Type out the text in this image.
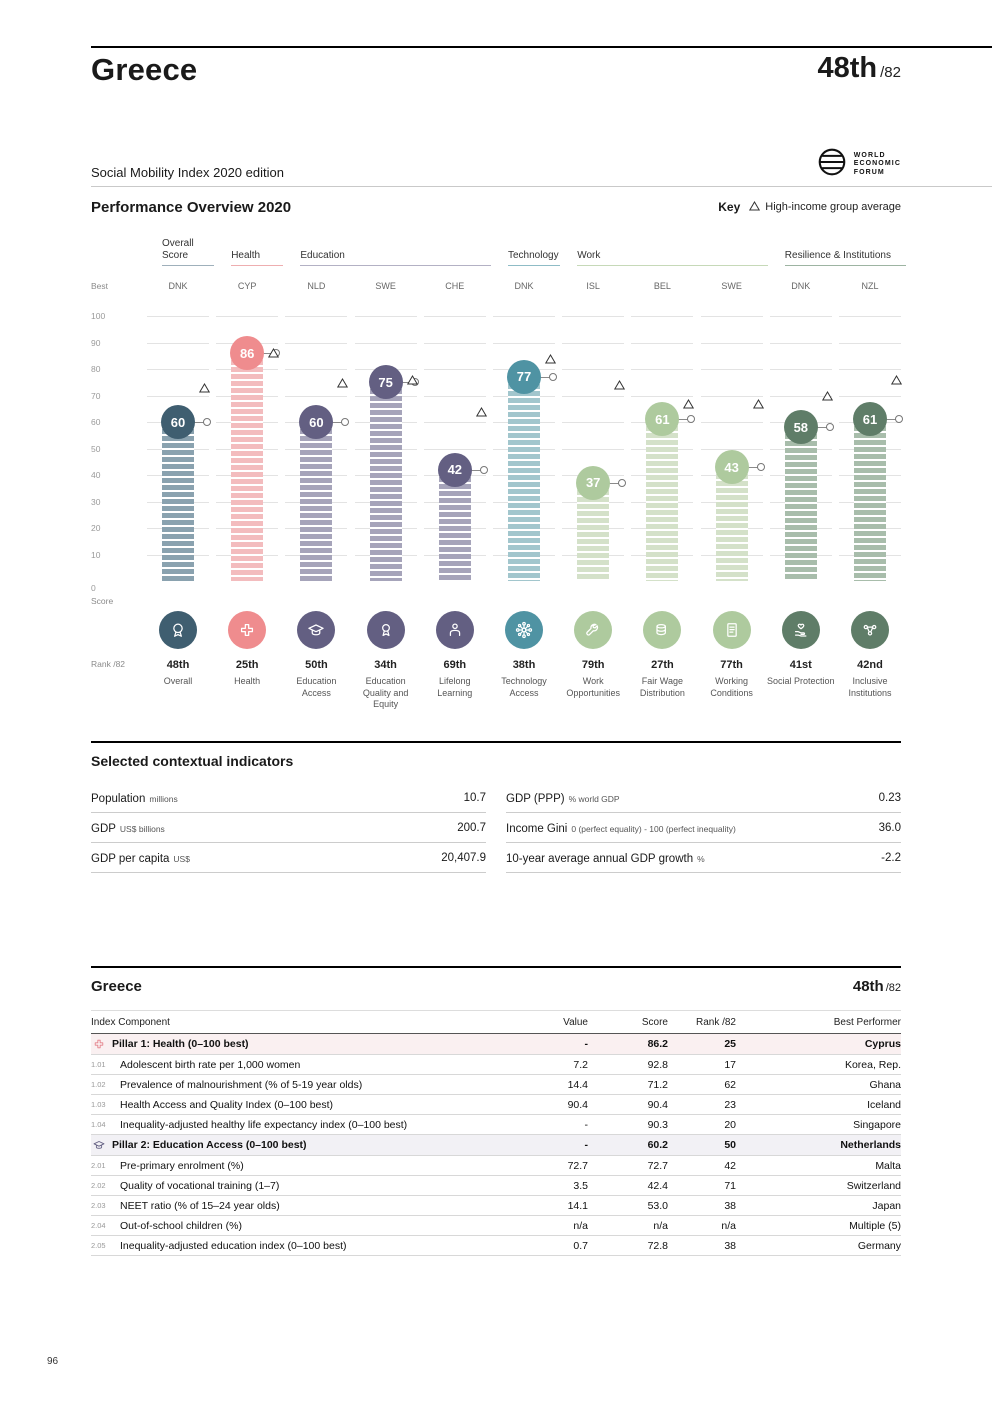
Greece	48th /82
Social Mobility Index 2020 edition
WORLD
ECONOMIC
FORUM
Performance Overview 2020	Key High-income group average
Best
100
90
80
70
60
50
40
30
20
10
0
Score
Rank /82
Overall Score	Health	Education	Technology Work	Resilience & Institutions
DNK
60
48th
Overall
CYP
86
25th
Health
NLD
60
50th
Education Access
SWE
75
34th
Education Quality and Equity
CHE
42
69th
Lifelong Learning
DNK
77
38th
Technology Access
ISL
37
79th
Work Opportunities
BEL
61
27th
Fair Wage Distribution
SWE
43
77th
Working Conditions
DNK
58
41st
Social Protection
NZL
61
42nd
Inclusive Institutions
Selected contextual indicators
Population millions	10.7
GDP US$ billions	200.7
GDP per capita US$	20,407.9
GDP (PPP) % world GDP	0.23
Income Gini 0 (perfect equality) - 100 (perfect inequality)	36.0
10-year average annual GDP growth %	-2.2
Greece	48th /82
Index Component	Value	Score	Rank /82	Best Performer
Pillar 1: Health (0–100 best)	-	86.2	25	Cyprus
1.01	Adolescent birth rate per 1,000 women	7.2	92.8	17	Korea, Rep.
1.02	Prevalence of malnourishment (% of 5-19 year olds)	14.4	71.2	62	Ghana
1.03	Health Access and Quality Index (0–100 best)	90.4	90.4	23	Iceland
1.04	Inequality-adjusted healthy life expectancy index (0–100 best)	-	90.3	20	Singapore
Pillar 2: Education Access (0–100 best)	-	60.2	50	Netherlands
2.01	Pre-primary enrolment (%)	72.7	72.7	42	Malta
2.02	Quality of vocational training (1–7)	3.5	42.4	71	Switzerland
2.03	NEET ratio (% of 15–24 year olds)	14.1	53.0	38	Japan
2.04	Out-of-school children (%)	n/a	n/a	n/a	Multiple (5)
2.05	Inequality-adjusted education index (0–100 best)	0.7	72.8	38	Germany
96
